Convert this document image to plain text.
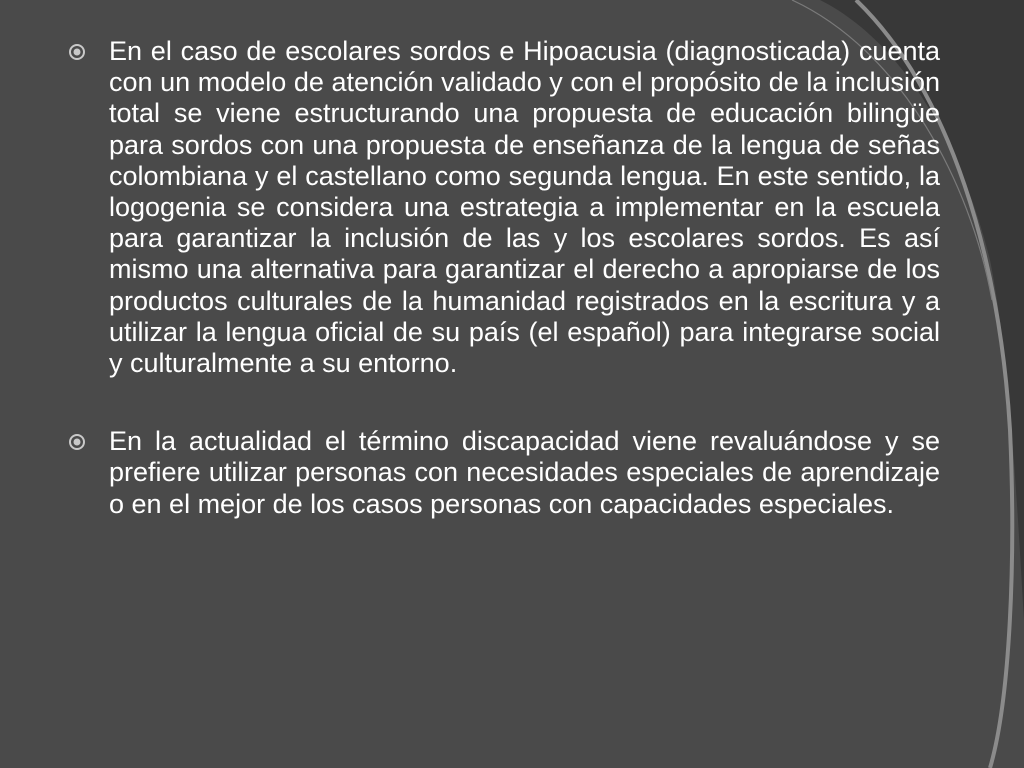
En el caso de escolares sordos e Hipoacusia (diagnosticada) cuenta con un modelo de atención validado y con el propósito de la inclusión total se viene estructurando una propuesta de educación bilingüe para sordos con una propuesta de enseñanza de la lengua de señas colombiana y el castellano como segunda lengua. En este sentido, la logogenia se considera una estrategia a implementar en la escuela para garantizar la inclusión de las y los escolares sordos. Es así mismo una alternativa para garantizar el derecho a apropiarse de los productos culturales de la humanidad registrados en la escritura y a utilizar la lengua oficial de su país (el español) para integrarse social y culturalmente a su entorno.
En la actualidad el término discapacidad viene revaluándose y se prefiere utilizar personas con necesidades especiales de aprendizaje o en el mejor de los casos personas con capacidades especiales.
